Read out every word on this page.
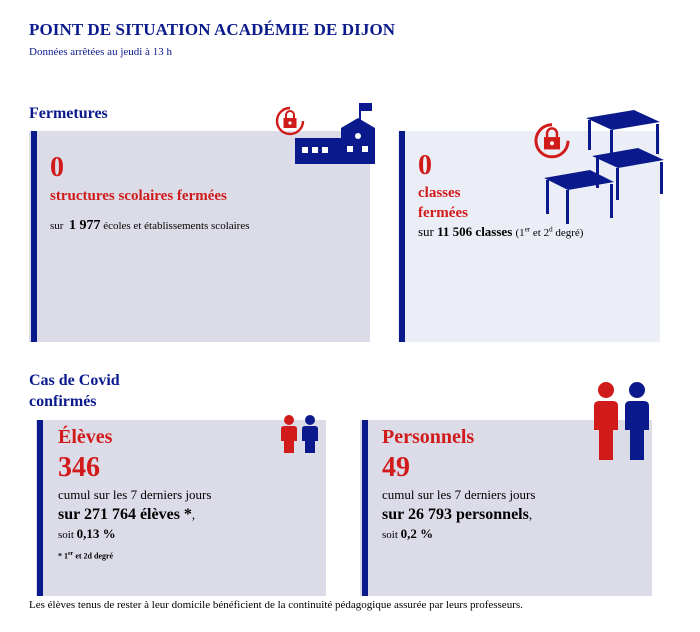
POINT DE SITUATION ACADÉMIE DE DIJON
Données arrêtées au jeudi à 13 h
Fermetures
0
structures scolaires fermées
sur 1 977 écoles et établissements scolaires
0
classes
fermées
sur 11 506 classes (1er et 2$^d$ degré)
Cas de Covid
confirmés
Élèves
346
cumul sur les 7 derniers jours
sur 271 764 élèves *,
soit 0,13 %
* 1er et 2d degré
Personnels
49
cumul sur les 7 derniers jours
sur 26 793 personnels,
soit 0,2 %
Les élèves tenus de rester à leur domicile bénéficient de la continuité pédagogique assurée par leurs professeurs.
